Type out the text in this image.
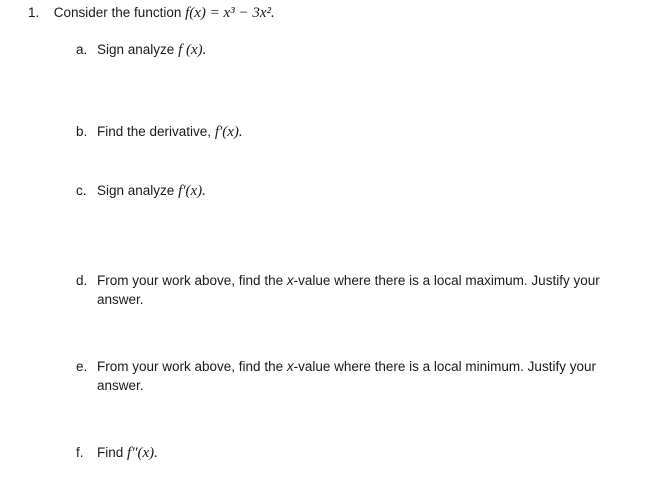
1. Consider the function f(x) = x³ − 3x².
a. Sign analyze f (x).
b. Find the derivative, f′(x).
c. Sign analyze f′(x).
d. From your work above, find the x-value where there is a local maximum. Justify your answer.
e. From your work above, find the x-value where there is a local minimum. Justify your answer.
f. Find f″(x).
